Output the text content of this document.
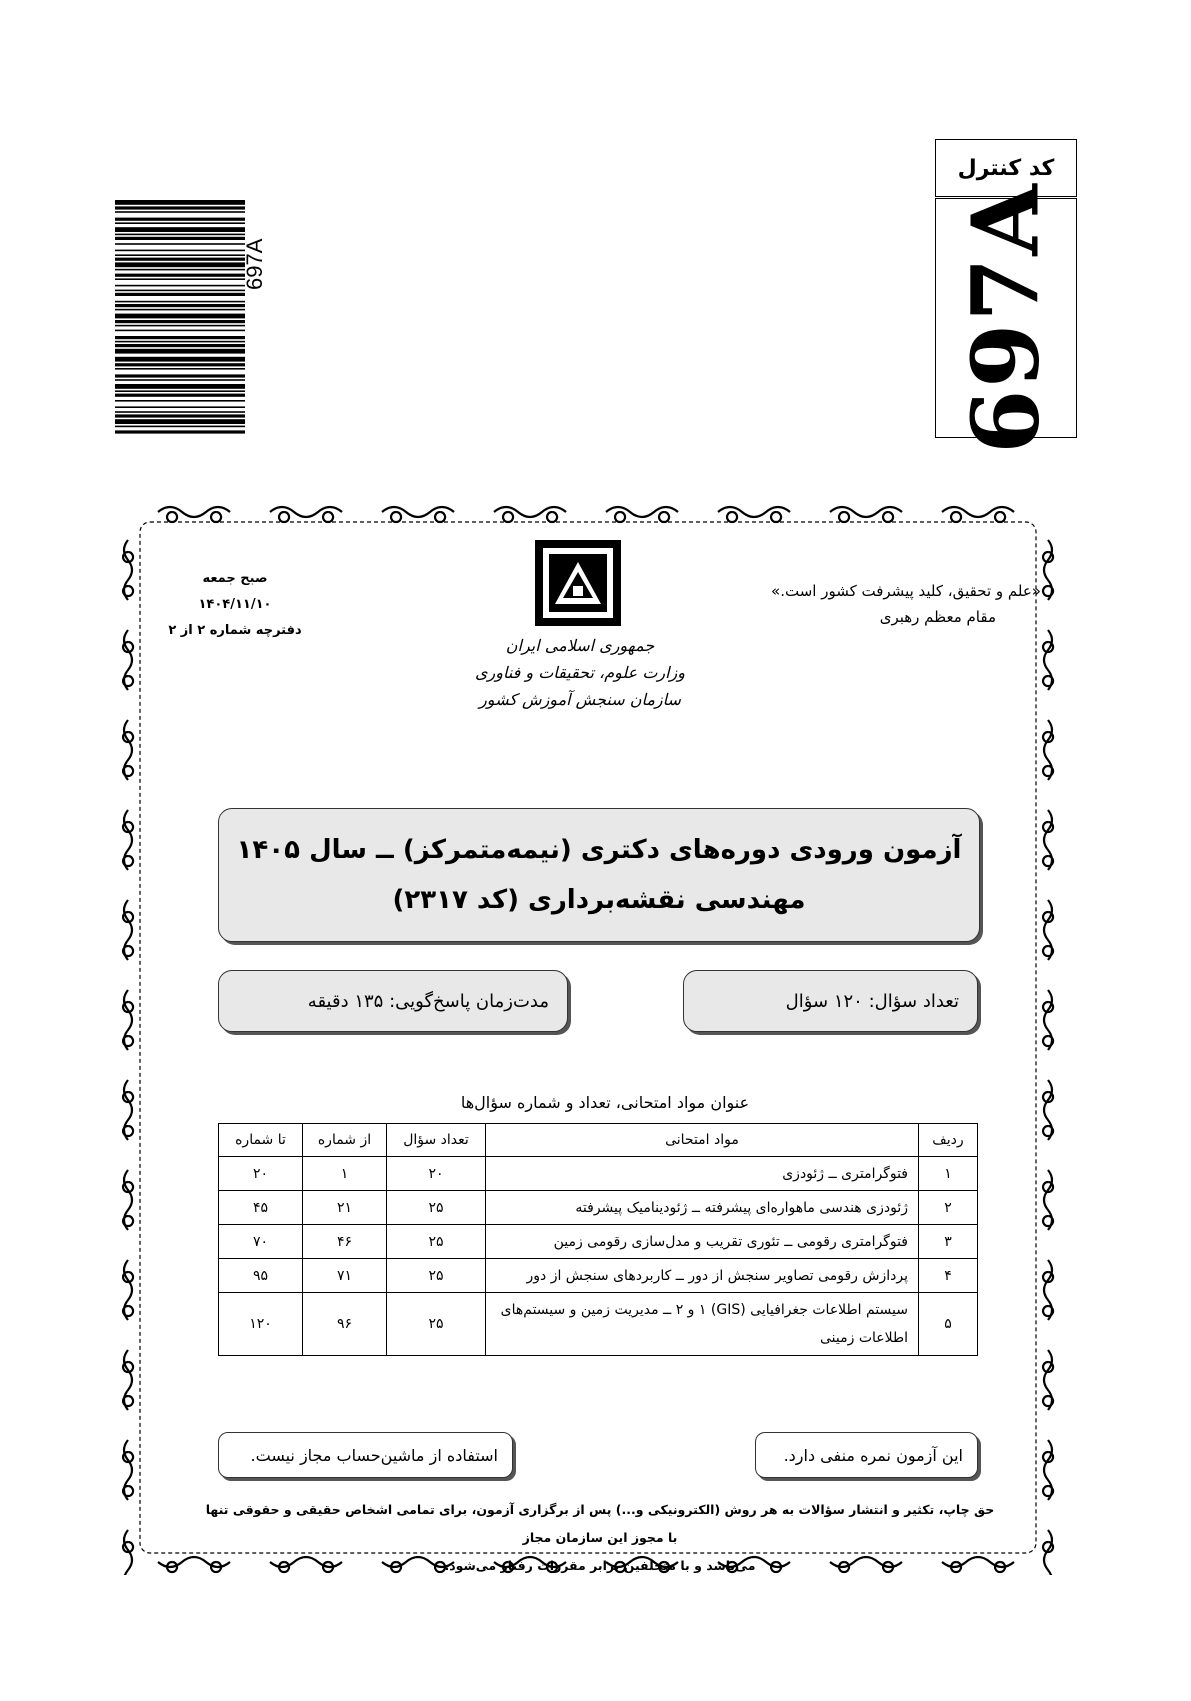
697A
کد کنترل
697A
«علم و تحقیق، کلید پیشرفت کشور است.»
مقام معظم رهبری
صبح جمعه
۱۴۰۴/۱۱/۱۰
دفترچه شماره ۲ از ۲
جمهوری اسلامی ایران
وزارت علوم، تحقیقات و فناوری
سازمان سنجش آموزش کشور
آزمون ورودی دوره‌های دکتری (نیمه‌متمرکز) ــ سال ۱۴۰۵
مهندسی نقشه‌برداری (کد ۲۳۱۷)
تعداد سؤال: ۱۲۰ سؤال
مدت‌زمان پاسخ‌گویی: ۱۳۵ دقیقه
عنوان مواد امتحانی، تعداد و شماره سؤال‌ها
ردیف	مواد امتحانی	تعداد سؤال	از شماره	تا شماره
۱	فتوگرامتری ــ ژئودزی	۲۰	۱	۲۰
۲	ژئودزی هندسی ماهواره‌ای پیشرفته ــ ژئودینامیک پیشرفته	۲۵	۲۱	۴۵
۳	فتوگرامتری رقومی ــ تئوری تقریب و مدل‌سازی رقومی زمین	۲۵	۴۶	۷۰
۴	پردازش رقومی تصاویر سنجش از دور ــ کاربردهای سنجش از دور	۲۵	۷۱	۹۵
۵	سیستم اطلاعات جغرافیایی (GIS) ۱ و ۲ ــ مدیریت زمین و سیستم‌های اطلاعات زمینی	۲۵	۹۶	۱۲۰
این آزمون نمره منفی دارد.
استفاده از ماشین‌حساب مجاز نیست.
حق چاپ، تکثیر و انتشار سؤالات به هر روش (الکترونیکی و...) پس از برگزاری آزمون، برای تمامی اشخاص حقیقی و حقوقی تنها با مجوز این سازمان مجاز
می‌باشد و با متخلفین برابر مقررات رفتار می‌شود.
